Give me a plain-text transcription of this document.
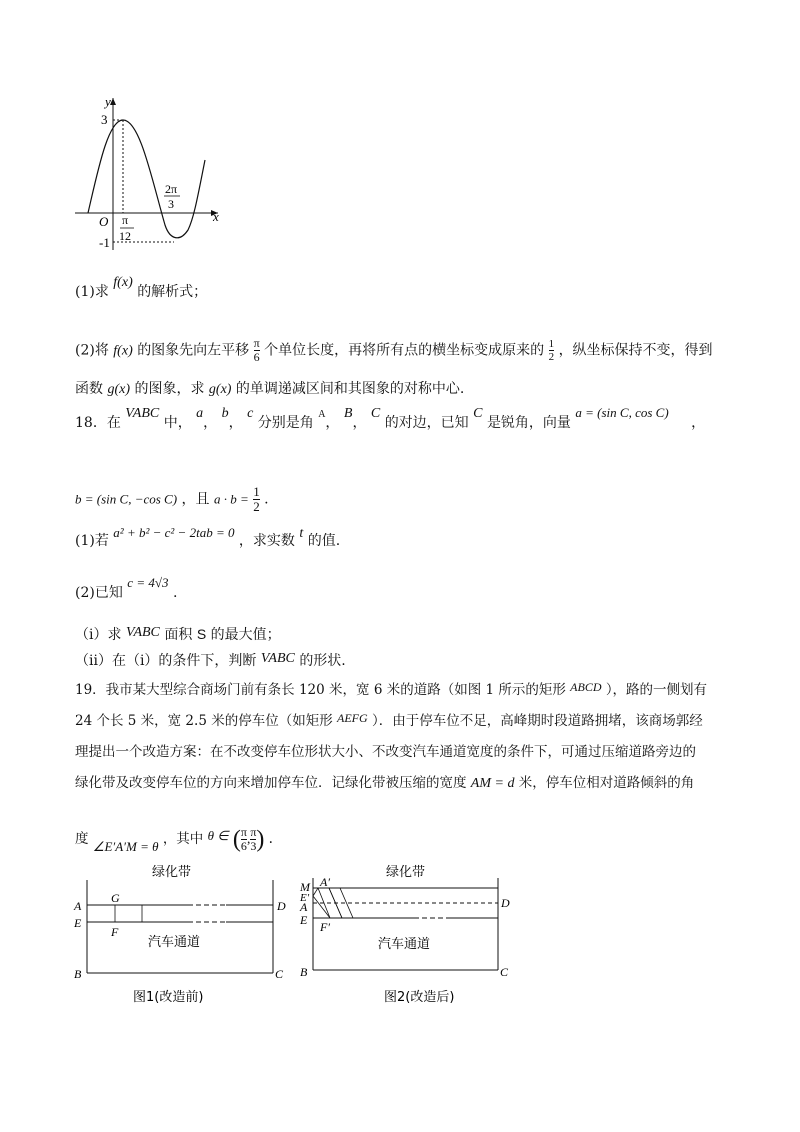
y
3
O	x
-1
π
12
2π
3
(1)求 f(x) 的解析式；
(2)将 f(x) 的图象先向左平移 $\frac{\pi}{6}$ 个单位长度，再将所有点的横坐标变成原来的 $\frac{1}{2}$ ，纵坐标保持不变，得到
函数 g(x) 的图象，求 g(x) 的单调递减区间和其图象的对称中心.
18．在 VABC 中， a， b， c 分别是角 $^A$， B， C 的对边，已知 C 是锐角，向量 a = (sin C, cos C) ，
b = (sin C, −cos C) ，且 $a \cdot b = \frac{1}{2}$ .
(1)若 a² + b² − c² − 2tab = 0 ，求实数 t 的值.
(2)已知 c = 4√3 .
（i）求 VABC 面积 S 的最大值；
（ii）在（i）的条件下，判断 VABC 的形状.
19．我市某大型综合商场门前有条长 120 米，宽 6 米的道路（如图 1 所示的矩形 ABCD ），路的一侧划有
24 个长 5 米，宽 2.5 米的停车位（如矩形 AEFG ）．由于停车位不足，高峰期时段道路拥堵，该商场郭经
理提出一个改造方案：在不改变停车位形状大小、不改变汽车通道宽度的条件下，可通过压缩道路旁边的
绿化带及改变停车位的方向来增加停车位．记绿化带被压缩的宽度 AM = d 米，停车位相对道路倾斜的角
度 ∠E′A′M = θ ，其中 θ ∈ ( $\frac{\pi}{6}$ , $\frac{\pi}{3}$ ) .
绿化带
A
E
G
F
D
B	C
汽车通道
图1(改造前)
绿化带
M A′
E′
A
E F′
D
B	C
汽车通道
图2(改造后)
